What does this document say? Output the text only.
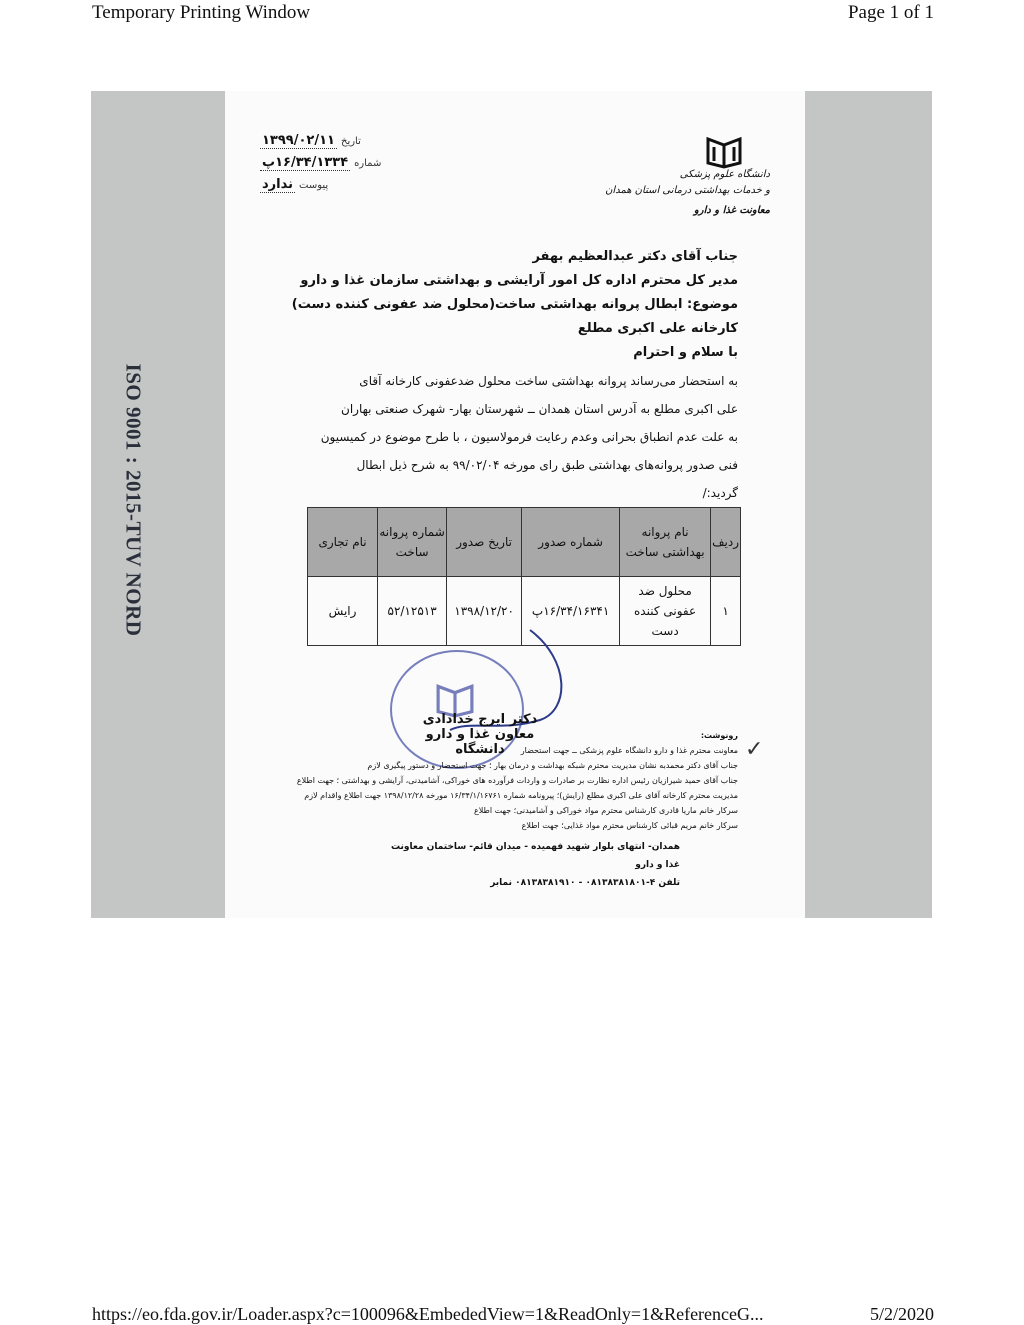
Temporary Printing Window	Page 1 of 1
ISO 9001 : 2015-TUV NORD
تاریخ
۱۳۹۹/۰۲/۱۱
شماره
۱۶/۳۴/۱۳۳۴پ
پیوست
ندارد
دانشگاه علوم پزشکی
و خدمات بهداشتی درمانی استان همدان
معاونت غذا و دارو
جناب آقای دکتر عبدالعظیم بهفر
مدیر کل محترم اداره کل امور آرایشی و بهداشتی سازمان غذا و دارو
موضوع: ابطال پروانه بهداشتی ساخت(محلول ضد عفونی کننده دست)
کارخانه علی اکبری مطلع
با سلام و احترام
به استحضار می‌رساند پروانه بهداشتی ساخت محلول ضدعفونی کارخانه آقای
علی اکبری مطلع به آدرس استان همدان ــ شهرستان بهار- شهرک صنعتی بهاران
به علت عدم انطباق بحرانی وعدم رعایت فرمولاسیون ، با طرح موضوع در کمیسیون
فنی صدور پروانه‌های بهداشتی طبق رای مورخه ۹۹/۰۲/۰۴ به شرح ذیل ابطال
گردید:/
ردیف	نام پروانه بهداشتی ساخت	شماره صدور	تاریخ صدور	شماره پروانه ساخت	نام تجاری
۱	محلول ضد عفونی کننده دست	۱۶/۳۴/۱۶۳۴۱پ	۱۳۹۸/۱۲/۲۰	۵۲/۱۲۵۱۳	رایش
دکتر ایرج خدادادی
معاون غذا و دارو دانشگاه	✓
رونوشت:
معاونت محترم غذا و دارو دانشگاه علوم پزشکی ــ جهت استحضار
جناب آقای دکتر محمدبه نشان مدیریت محترم شبکه بهداشت و درمان بهار ؛ جهت استحضار و دستور پیگیری لازم
جناب آقای حمید شیرازیان رئیس اداره نظارت بر صادرات و واردات فرآورده های خوراکی، آشامیدنی، آرایشی و بهداشتی ؛ جهت اطلاع
مدیریت محترم کارخانه آقای علی اکبری مطلع (رایش)؛ پیرونامه شماره ۱۶/۳۴/۱/۱۶۷۶۱ مورخه ۱۳۹۸/۱۲/۲۸ جهت اطلاع واقدام لازم
سرکار خانم ماریا قادری کارشناس محترم مواد خوراکی و آشامیدنی؛ جهت اطلاع
سرکار خانم مریم قبائی کارشناس محترم مواد غذایی؛ جهت اطلاع
همدان- انتهای بلوار شهید فهمیده - میدان قائم- ساختمان معاونت غذا و دارو
تلفن ۴-۰۸۱۳۸۳۸۱۸۰۱ - ۰۸۱۳۸۳۸۱۹۱۰ نمابر
https://eo.fda.gov.ir/Loader.aspx?c=100096&EmbededView=1&ReadOnly=1&ReferenceG...	5/2/2020
